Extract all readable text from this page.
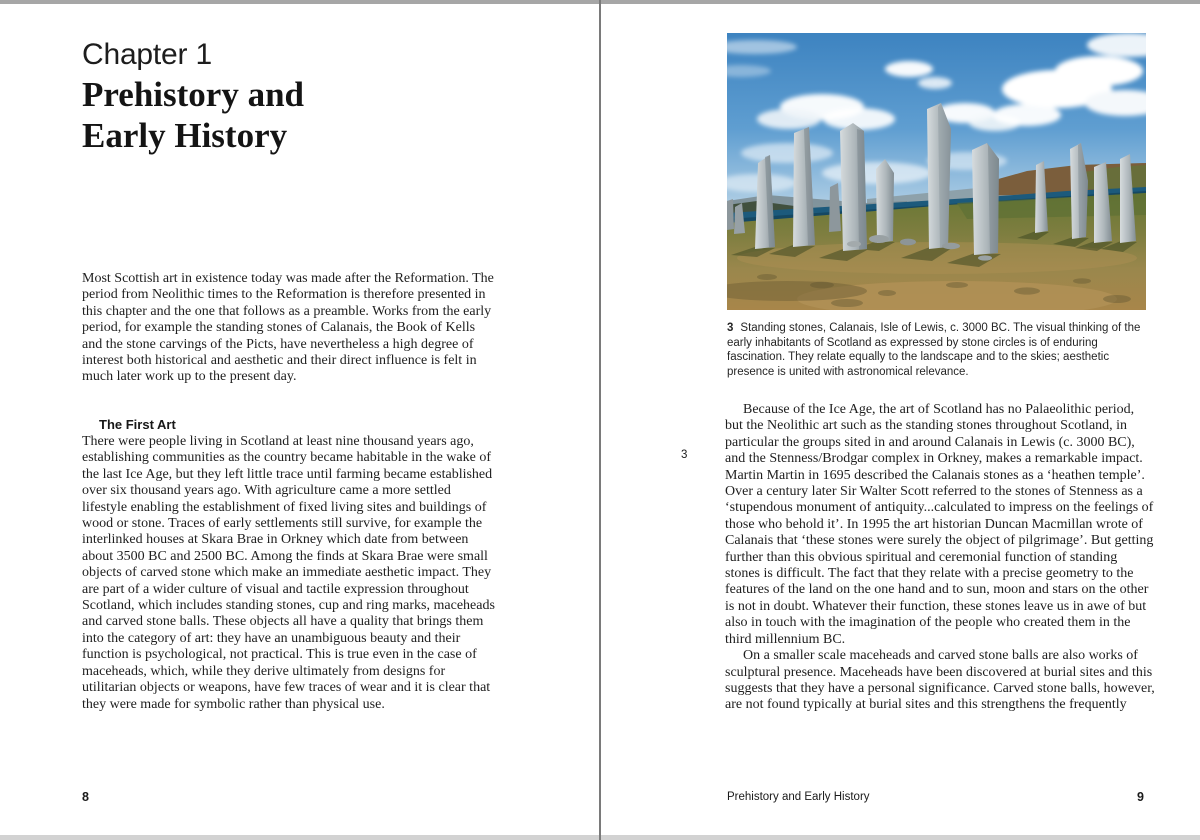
Chapter 1
Prehistory and
Early History
Most Scottish art in existence today was made after the Reformation. The period from Neolithic times to the Reformation is therefore presented in this chapter and the one that follows as a preamble. Works from the early period, for example the standing stones of Calanais, the Book of Kells and the stone carvings of the Picts, have nevertheless a high degree of interest both historical and aesthetic and their direct influence is felt in much later work up to the present day.
The First Art
There were people living in Scotland at least nine thousand years ago, establishing communities as the country became habitable in the wake of the last Ice Age, but they left little trace until farming became established over six thousand years ago. With agriculture came a more settled lifestyle enabling the establishment of fixed living sites and buildings of wood or stone. Traces of early settlements still survive, for example the interlinked houses at Skara Brae in Orkney which date from between about 3500 BC and 2500 BC. Among the finds at Skara Brae were small objects of carved stone which make an immediate aesthetic impact. They are part of a wider culture of visual and tactile expression throughout Scotland, which includes standing stones, cup and ring marks, maceheads and carved stone balls. These objects all have a quality that brings them into the category of art: they have an unambiguous beauty and their function is psychological, not practical. This is true even in the case of maceheads, which, while they derive ultimately from designs for utilitarian objects or weapons, have few traces of wear and it is clear that they were made for symbolic rather than physical use.
8
3 Standing stones, Calanais, Isle of Lewis, c. 3000 BC. The visual thinking of the early inhabitants of Scotland as expressed by stone circles is of enduring fascination. They relate equally to the landscape and to the skies; aesthetic presence is united with astronomical relevance.
3

Because of the Ice Age, the art of Scotland has no Palaeolithic period, but the Neolithic art such as the standing stones throughout Scotland, in particular the groups sited in and around Calanais in Lewis (c. 3000 BC), and the Stenness/Brodgar complex in Orkney, makes a remarkable impact. Martin Martin in 1695 described the Calanais stones as a ‘heathen temple’. Over a century later Sir Walter Scott referred to the stones of Stenness as a ‘stupendous monument of antiquity...calculated to impress on the feelings of those who behold it’. In 1995 the art historian Duncan Macmillan wrote of Calanais that ‘these stones were surely the object of pilgrimage’. But getting further than this obvious spiritual and ceremonial function of standing stones is difficult. The fact that they relate with a precise geometry to the features of the land on the one hand and to sun, moon and stars on the other is not in doubt. Whatever their function, these stones leave us in awe of but also in touch with the imagination of the people who created them in the third millennium BC.

On a smaller scale maceheads and carved stone balls are also works of sculptural presence. Maceheads have been discovered at burial sites and this suggests that they have a personal significance. Carved stone balls, however, are not found typically at burial sites and this strengthens the frequently

Prehistory and Early History	9
